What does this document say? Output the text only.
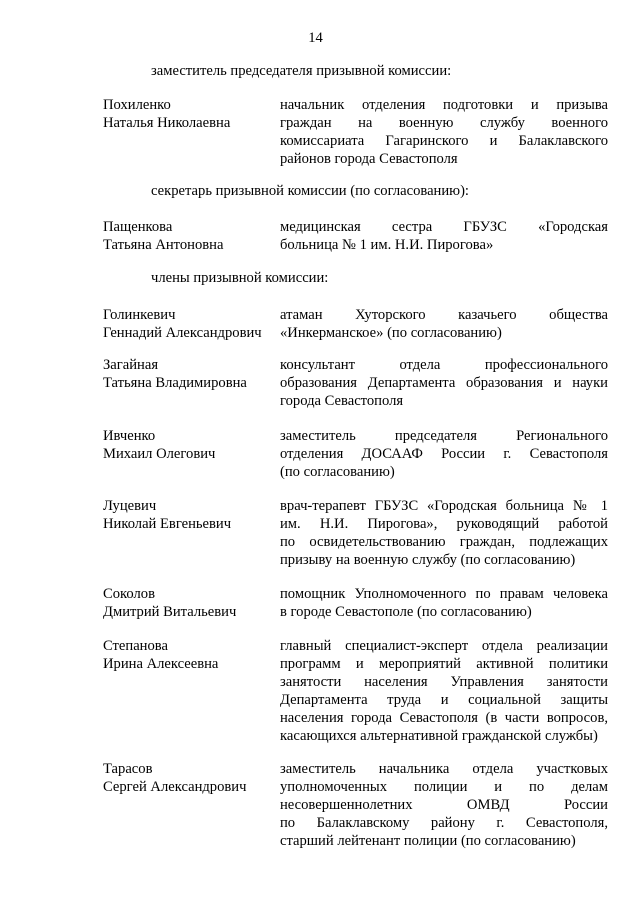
14
заместитель председателя призывной комиссии:
Похиленко
Наталья Николаевна
начальник отделения подготовки и призыва
граждан на военную службу военного
комиссариата Гагаринского и Балаклавского
районов города Севастополя
секретарь призывной комиссии (по согласованию):
Пащенкова
Татьяна Антоновна
медицинская сестра ГБУЗС «Городская
больница № 1 им. Н.И. Пирогова»
члены призывной комиссии:
Голинкевич
Геннадий Александрович
атаман Хуторского казачьего общества
«Инкерманское» (по согласованию)
Загайная
Татьяна Владимировна
консультант отдела профессионального
образования Департамента образования и науки
города Севастополя
Ивченко
Михаил Олегович
заместитель председателя Регионального
отделения ДОСААФ России г. Севастополя
(по согласованию)
Луцевич
Николай Евгеньевич
врач-терапевт ГБУЗС «Городская больница № 1
им. Н.И. Пирогова», руководящий работой
по освидетельствованию граждан, подлежащих
призыву на военную службу (по согласованию)
Соколов
Дмитрий Витальевич
помощник Уполномоченного по правам человека
в городе Севастополе (по согласованию)
Степанова
Ирина Алексеевна
главный специалист-эксперт отдела реализации
программ и мероприятий активной политики
занятости населения Управления занятости
Департамента труда и социальной защиты
населения города Севастополя (в части вопросов,
касающихся альтернативной гражданской службы)
Тарасов
Сергей Александрович
заместитель начальника отдела участковых
уполномоченных полиции и по делам
несовершеннолетних ОМВД России
по Балаклавскому району г. Севастополя,
старший лейтенант полиции (по согласованию)
